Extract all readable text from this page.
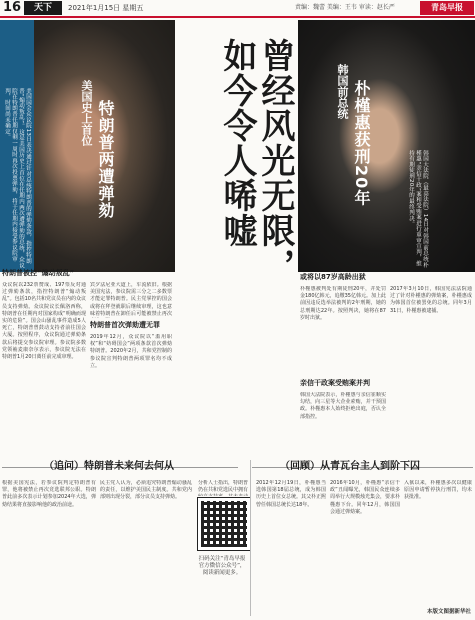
16	天下	2021年1月15日 星期五	责编：魏蕾 美编：王韦 审读：赵长严	青岛早报
美国国会众议院13日表决通过针对总统特朗普的弹劾条款，指控特朗普“煽动叛乱”。这是美国历史上首位在任期内两次遭弹劾的总统，众议院在特朗普任期仅剩一周时再次投票弹劾，将于任期内接受参议院审判，时间尚未确定。	美国史上首位 特朗普两遭弹劾
韩国前总统 朴槿惠获刑20年
韩国大法院（最高法院）14日对韩国前总统朴槿惠“亲信干政”案和受贿案进行重审宣判，维持有期徒刑20年的最终判决。
曾经风光无限，如今令人唏嘘
特朗普被控“煽动叛乱”
众议院以232票赞成、197票反对通过弹劾条款，指控特朗普“煽动叛乱”。包括10名共和党议员在内的众议员支持弹劾。众议院议长佩洛西称，特朗普在任期内对国家构成“明确而现实的危险”。国会山骚乱事件造成5人死亡，特朗普曾鼓动支持者前往国会大厦。按照程序，众议院通过弹劾条款后将提交参议院审理。参议院多数党领袖麦康奈尔表示，参议院无法在特朗普1月20日离任前完成审理。
宾夕法尼亚大道上，车流依旧。根据美国宪法，参议院需三分之二多数票才能定罪特朗普。民主党掌控的国会或将在拜登就职后继续审理，这也意味着特朗普在卸任后可能被禁止再次
特朗普首次弹劾遭无罪
2019年12月，众议院以“滥用职权”和“妨碍国会”两项条款首次弹劾特朗普。2020年2月，共和党控制的参议院宣判特朗普两项罪名均不成立。
或将以87岁高龄出狱
朴槿惠被判处有期徒刑20年，并处罚金180亿韩元，追缴35亿韩元。加上此前因违反选举法被判的2年刑期，她的总刑期达22年。按照判决，她将在87岁时出狱。
2017年3月10日，韩国宪法法院通过了针对朴槿惠的弹劾案，朴槿惠成为韩国首位被罢免的总统。同年3月31日，朴槿惠被逮捕。
亲信干政案受贿案并判
韩国大法院表示，朴槿惠与亲信崔顺实勾结，向三星等大企业索贿，并干预国政。朴槿惠本人始终拒绝出庭，否认全部指控。
（追问）特朗普未来何去何从	（回顾）从青瓦台主人到阶下囚
根据美国宪法，若参议院判定特朗普有罪，他将被禁止再次竞选联邦公职。特朗普此前多次表示计划参加2024年大选，弹劾结果将直接影响他的政治前途。
民主党人认为，必须追究特朗普煽动骚乱的责任，以维护美国民主制度。共和党内部则出现分裂，部分议员支持弹劾。
分析人士指出，特朗普仍在共和党选民中拥有
扫码关注“青岛早报官方微信公众号”，阅读新闻更多。
2012年12月19日，朴槿惠当选韩国第18届总统，成为韩国历史上首位女总统。其父朴正熙曾任韩国总统长达18年。
2016年10月，朴槿惠“亲信干政”丑闻曝光，韩国民众连续多周举行大规模烛光集会，要求朴槿惠下台。同年12月，韩国国会通过弹劾案。
入狱以来，朴槿惠多次以健康原因申请暂停执行刑罚，均未获批准。
本版文图据新华社
